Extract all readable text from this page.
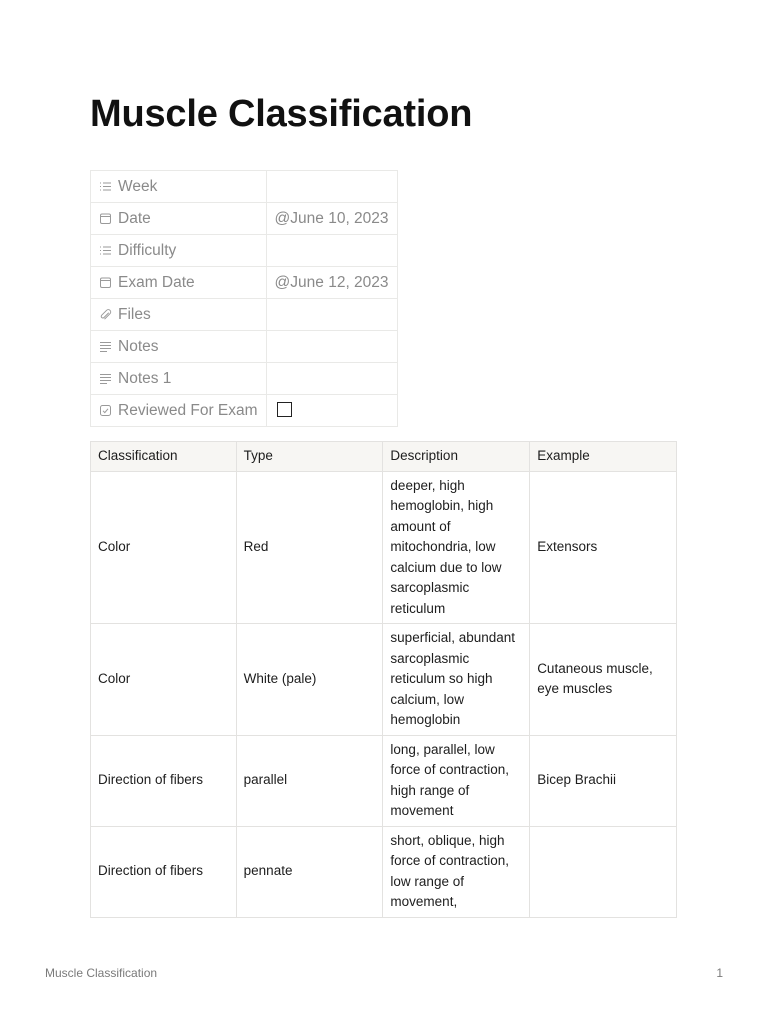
Muscle Classification
Week	

Date	@June 10, 2023

Difficulty	

Exam Date	@June 12, 2023

Files	

Notes	

Notes 1	

Reviewed For Exam	
Classification	Type	Description	Example
Color	Red	deeper, high hemoglobin, high amount of mitochondria, low calcium due to low sarcoplasmic reticulum	Extensors
Color	White (pale)	superficial, abundant sarcoplasmic reticulum so high calcium, low hemoglobin	Cutaneous muscle, eye muscles
Direction of fibers	parallel	long, parallel, low force of contraction, high range of movement	Bicep Brachii
Direction of fibers	pennate	short, oblique, high force of contraction, low range of movement,	
Muscle Classification	1
